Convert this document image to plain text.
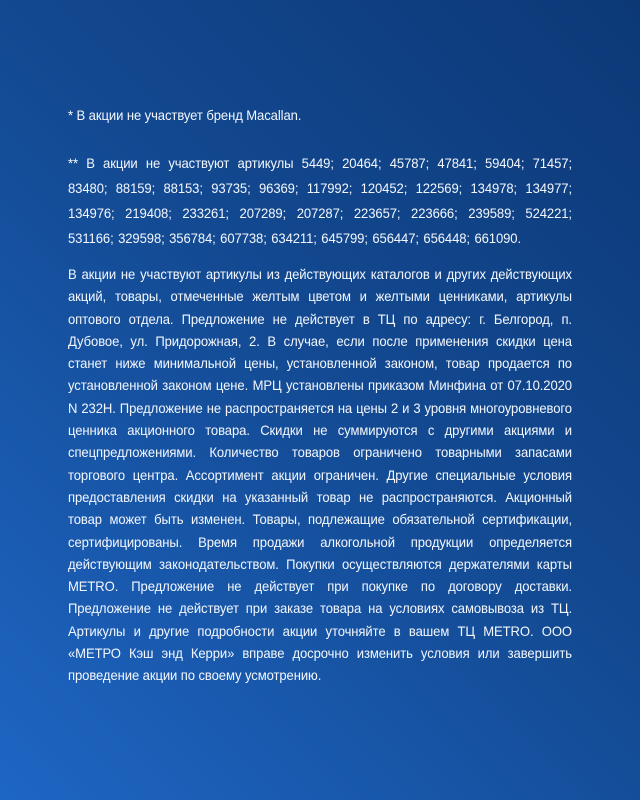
* В акции не участвует бренд Macallan.

** В акции не участвуют артикулы 5449; 20464; 45787; 47841; 59404; 71457; 83480; 88159; 88153; 93735; 96369; 117992; 120452; 122569; 134978; 134977; 134976; 219408; 233261; 207289; 207287; 223657; 223666; 239589; 524221; 531166; 329598; 356784; 607738; 634211; 645799; 656447; 656448; 661090.

В акции не участвуют артикулы из действующих каталогов и других действующих акций, товары, отмеченные желтым цветом и желтыми ценниками, артикулы оптового отдела. Предложение не действует в ТЦ по адресу: г. Белгород, п. Дубовое, ул. Придорожная, 2. В случае, если после применения скидки цена станет ниже минимальной цены, установленной законом, товар продается по установленной законом цене. МРЦ установлены приказом Минфина от 07.10.2020 N 232Н. Предложение не распространяется на цены 2 и 3 уровня многоуровневого ценника акционного товара. Скидки не суммируются с другими акциями и спецпредложениями. Количество товаров ограничено товарными запасами торгового центра. Ассортимент акции ограничен. Другие специальные условия предоставления скидки на указанный товар не распространяются. Акционный товар может быть изменен. Товары, подлежащие обязательной сертификации, сертифицированы. Время продажи алкогольной продукции определяется действующим законодательством. Покупки осуществляются держателями карты METRO. Предложение не действует при покупке по договору доставки. Предложение не действует при заказе товара на условиях самовывоза из ТЦ. Артикулы и другие подробности акции уточняйте в вашем ТЦ METRO. ООО «МЕТРО Кэш энд Керри» вправе досрочно изменить условия или завершить проведение акции по своему усмотрению.
